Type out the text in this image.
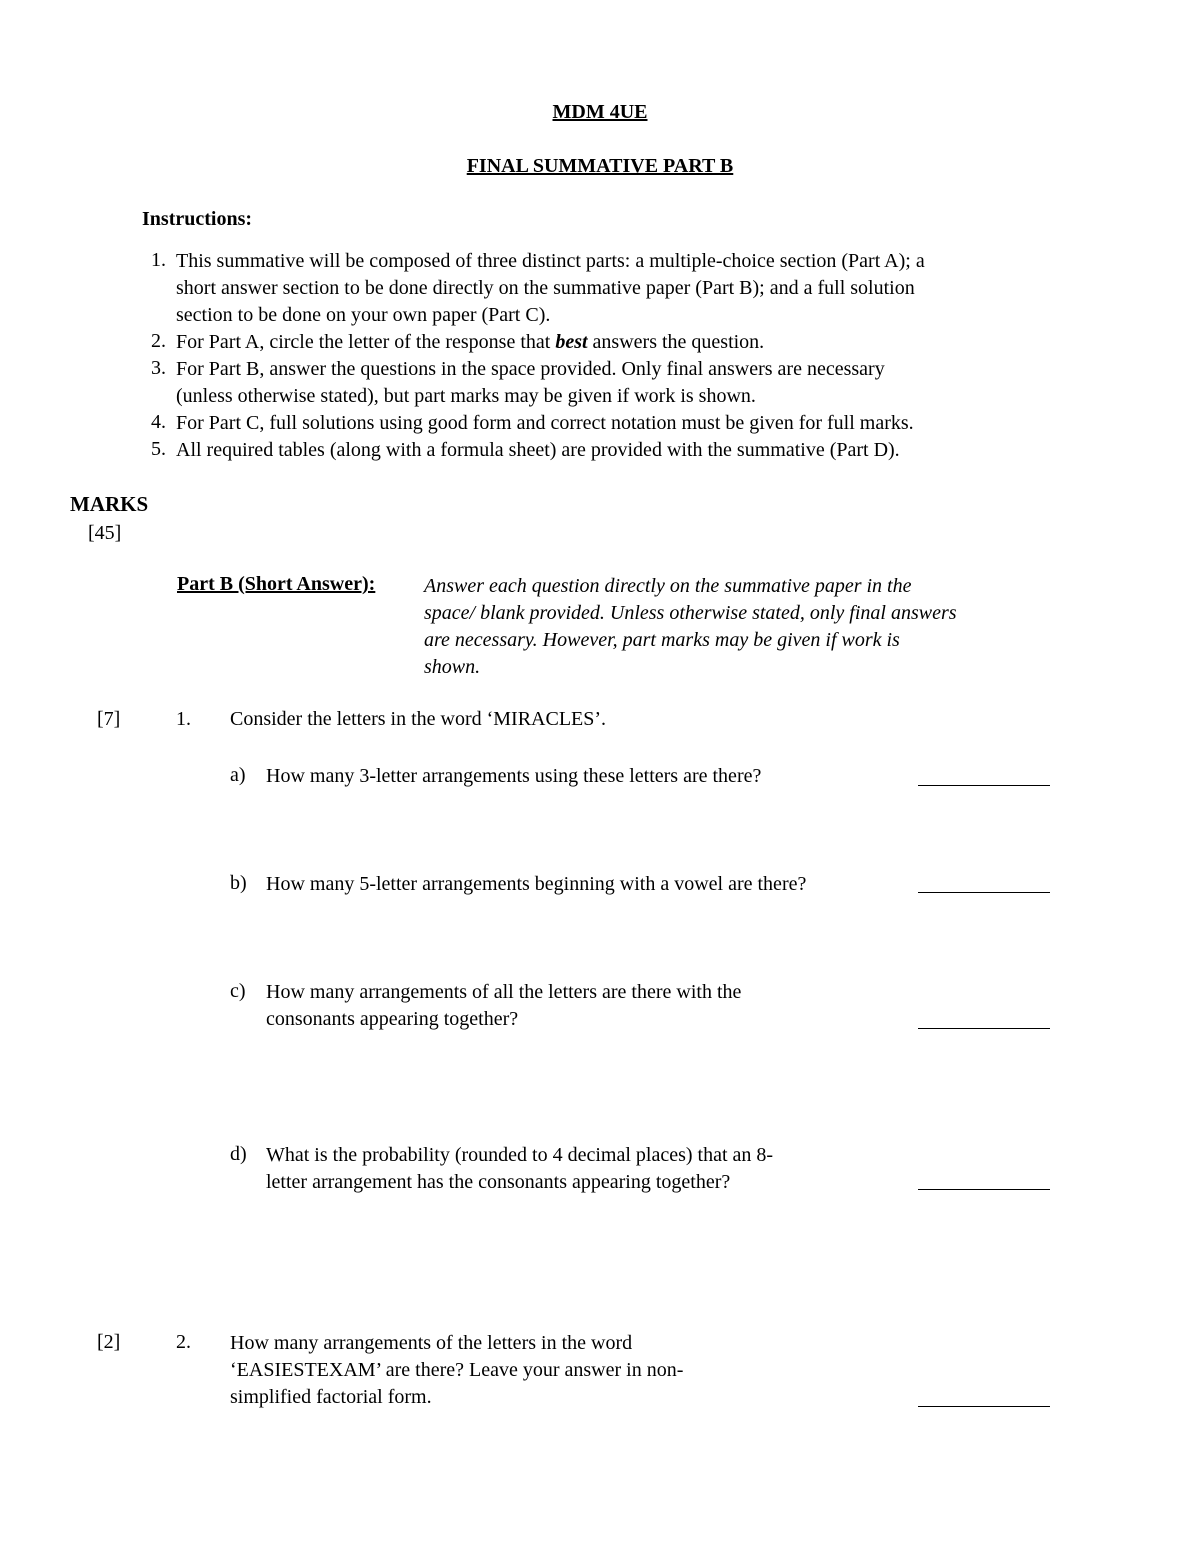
MDM 4UE
FINAL SUMMATIVE PART B
Instructions:
1. This summative will be composed of three distinct parts: a multiple-choice section (Part A); a
short answer section to be done directly on the summative paper (Part B); and a full solution
section to be done on your own paper (Part C).
2. For Part A, circle the letter of the response that best answers the question.
3. For Part B, answer the questions in the space provided. Only final answers are necessary
(unless otherwise stated), but part marks may be given if work is shown.
4. For Part C, full solutions using good form and correct notation must be given for full marks.
5. All required tables (along with a formula sheet) are provided with the summative (Part D).
MARKS
[45]
Part B (Short Answer): Answer each question directly on the summative paper in the
space/ blank provided. Unless otherwise stated, only final answers
are necessary. However, part marks may be given if work is
shown.
[7]	1. Consider the letters in the word ‘MIRACLES’.
a) How many 3-letter arrangements using these letters are there?
b) How many 5-letter arrangements beginning with a vowel are there?
c) How many arrangements of all the letters are there with the
consonants appearing together?
d) What is the probability (rounded to 4 decimal places) that an 8-
letter arrangement has the consonants appearing together?
[2]	2. How many arrangements of the letters in the word
‘EASIESTEXAM’ are there? Leave your answer in non-
simplified factorial form.
